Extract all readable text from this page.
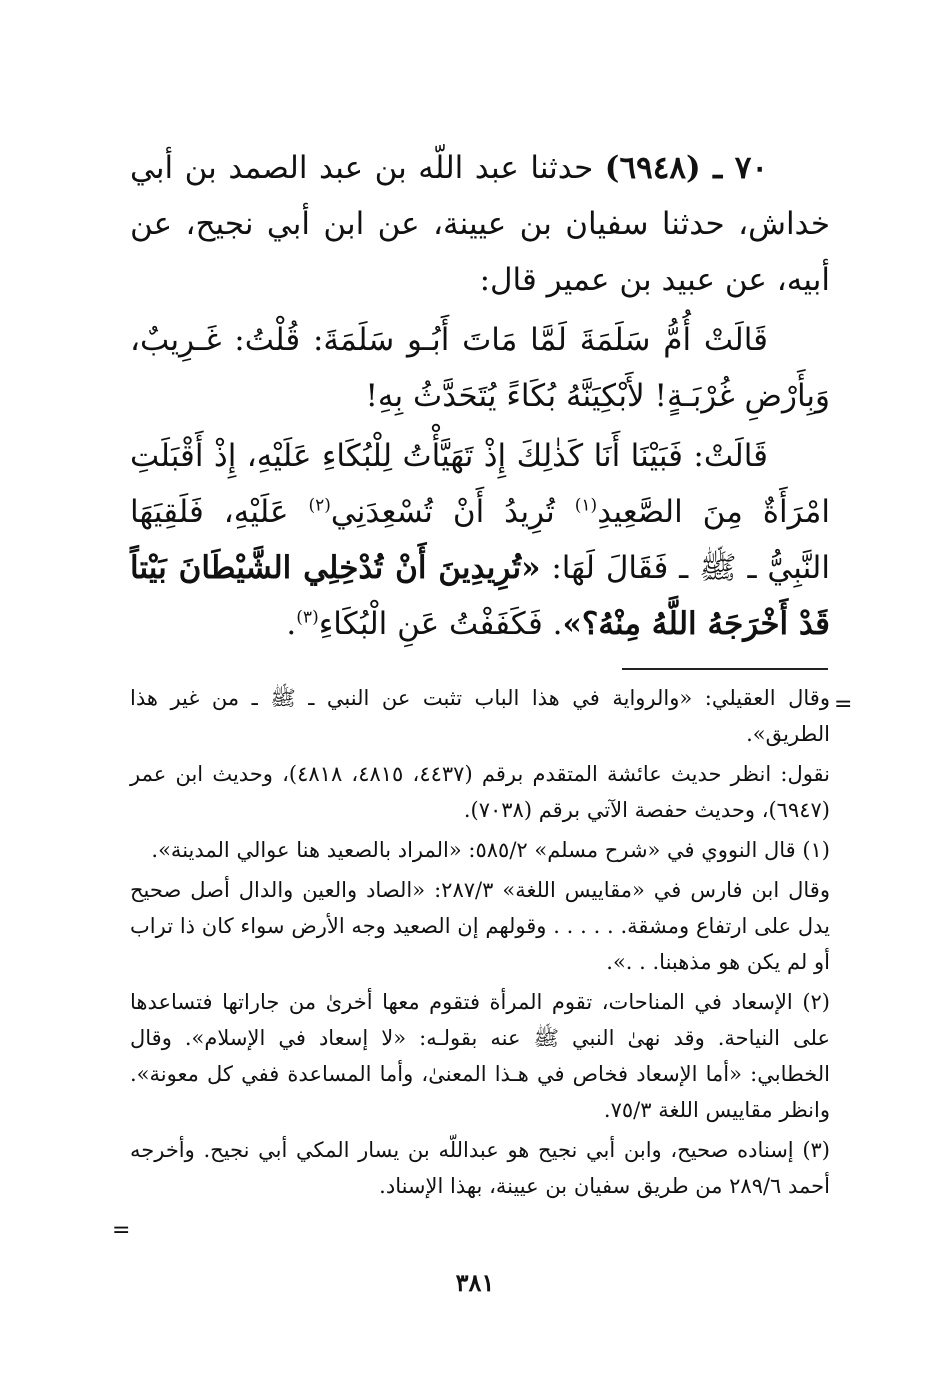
٧٠ ـ (٦٩٤٨) حدثنا عبد اللّه بن عبد الصمد بن أبي خداش، حدثنا سفيان بن عيينة، عن ابن أبي نجيح، عن أبيه، عن عبيد بن عمير قال:

قَالَتْ أُمُّ سَلَمَةَ لَمَّا مَاتَ أَبُـو سَلَمَةَ: قُلْتُ: غَـرِيبٌ، وَبِأَرْضِ غُرْبَـةٍ! لأَبْكِيَنَّهُ بُكَاءً يُتَحَدَّثُ بِهِ!

قَالَتْ: فَبَيْنَا أَنَا كَذٰلِكَ إِذْ تَهَيَّأْتُ لِلْبُكَاءِ عَلَيْهِ، إِذْ أَقْبَلَتِ امْرَأَةٌ مِنَ الصَّعِيدِ$^{(١)}$ تُرِيدُ أَنْ تُسْعِدَنِي$^{(٢)}$ عَلَيْهِ، فَلَقِيَهَا النَّبِيُّ ـ ﷺ ـ فَقَالَ لَهَا: «تُرِيدِينَ أَنْ تُدْخِلِي الشَّيْطَانَ بَيْتاً قَدْ أَخْرَجَهُ اللَّهُ مِنْهُ؟». فَكَفَفْتُ عَنِ الْبُكَاءِ$^{(٣)}$.

=

وقال العقيلي: «والرواية في هذا الباب تثبت عن النبي ـ ﷺ ـ من غير هذا الطريق».

نقول: انظر حديث عائشة المتقدم برقم (٤٤٣٧، ٤٨١٥، ٤٨١٨)، وحديث ابن عمر (٦٩٤٧)، وحديث حفصة الآتي برقم (٧٠٣٨).

(١) قال النووي في «شرح مسلم» ٥٨٥/٢: «المراد بالصعيد هنا عوالي المدينة».

وقال ابن فارس في «مقاييس اللغة» ٢٨٧/٣: «الصاد والعين والدال أصل صحيح يدل على ارتفاع ومشقة. . . . . . وقولهم إن الصعيد وجه الأرض سواء كان ذا تراب أو لم يكن هو مذهبنا. . .».

(٢) الإسعاد في المناحات، تقوم المرأة فتقوم معها أخرىٰ من جاراتها فتساعدها على النياحة. وقد نهىٰ النبي ﷺ عنه بقولـه: «لا إسعاد في الإسلام». وقال الخطابي: «أما الإسعاد فخاص في هـذا المعنىٰ، وأما المساعدة ففي كل معونة». وانظر مقاييس اللغة ٧٥/٣.

(٣) إسناده صحيح، وابن أبي نجيح هو عبداللّه بن يسار المكي أبي نجيح. وأخرجه أحمد ٢٨٩/٦ من طريق سفيان بن عيينة، بهذا الإسناد.

=
٣٨١
